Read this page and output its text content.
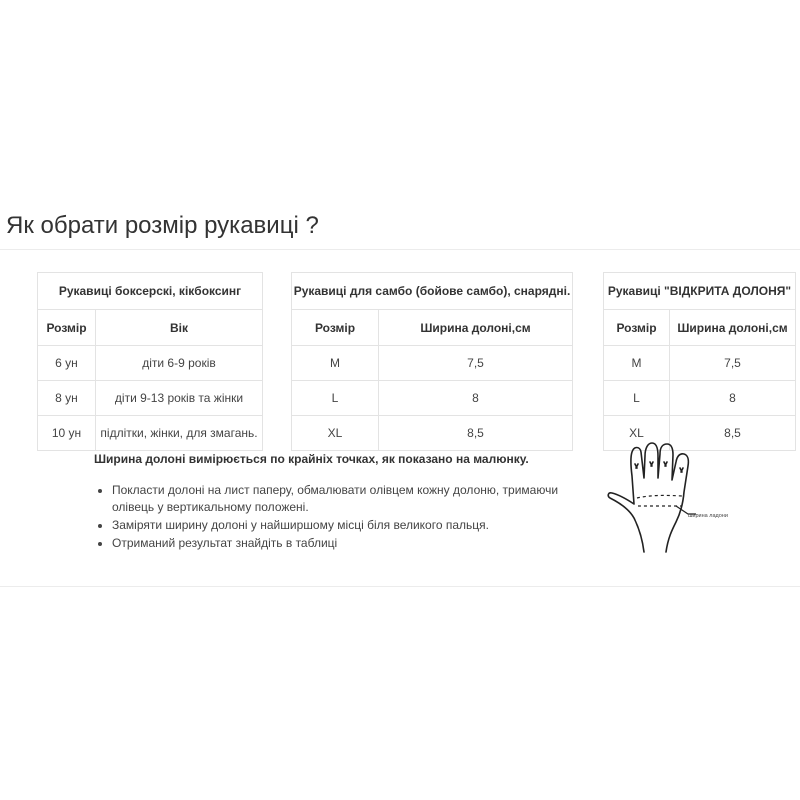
Як обрати розмір рукавиці ?
Рукавиці боксерскі, кікбоксинг	
Розмір	Вік
6 ун	діти 6-9 років
8 ун	діти 9-13 років та жінки
10 ун	підлітки, жінки, для змагань.
Рукавиці для самбо (бойове самбо), снарядні.	
Розмір	Ширина долоні,см
M	7,5
L	8
XL	8,5
Рукавиці "ВІДКРИТА ДОЛОНЯ"	
Розмір	Ширина долоні,см
M	7,5
L	8
XL	8,5

Ширина долоні вимірюється по крайніх точках, як показано на малюнку.

• Покласти долоні на лист паперу, обмалювати олівцем кожну долоню, тримаючи олівець у вертикальному положені.
• Заміряти ширину долоні у найширшому місці біля великого пальця.
• Отриманий результат знайдіть в таблиці
ширина ладони
